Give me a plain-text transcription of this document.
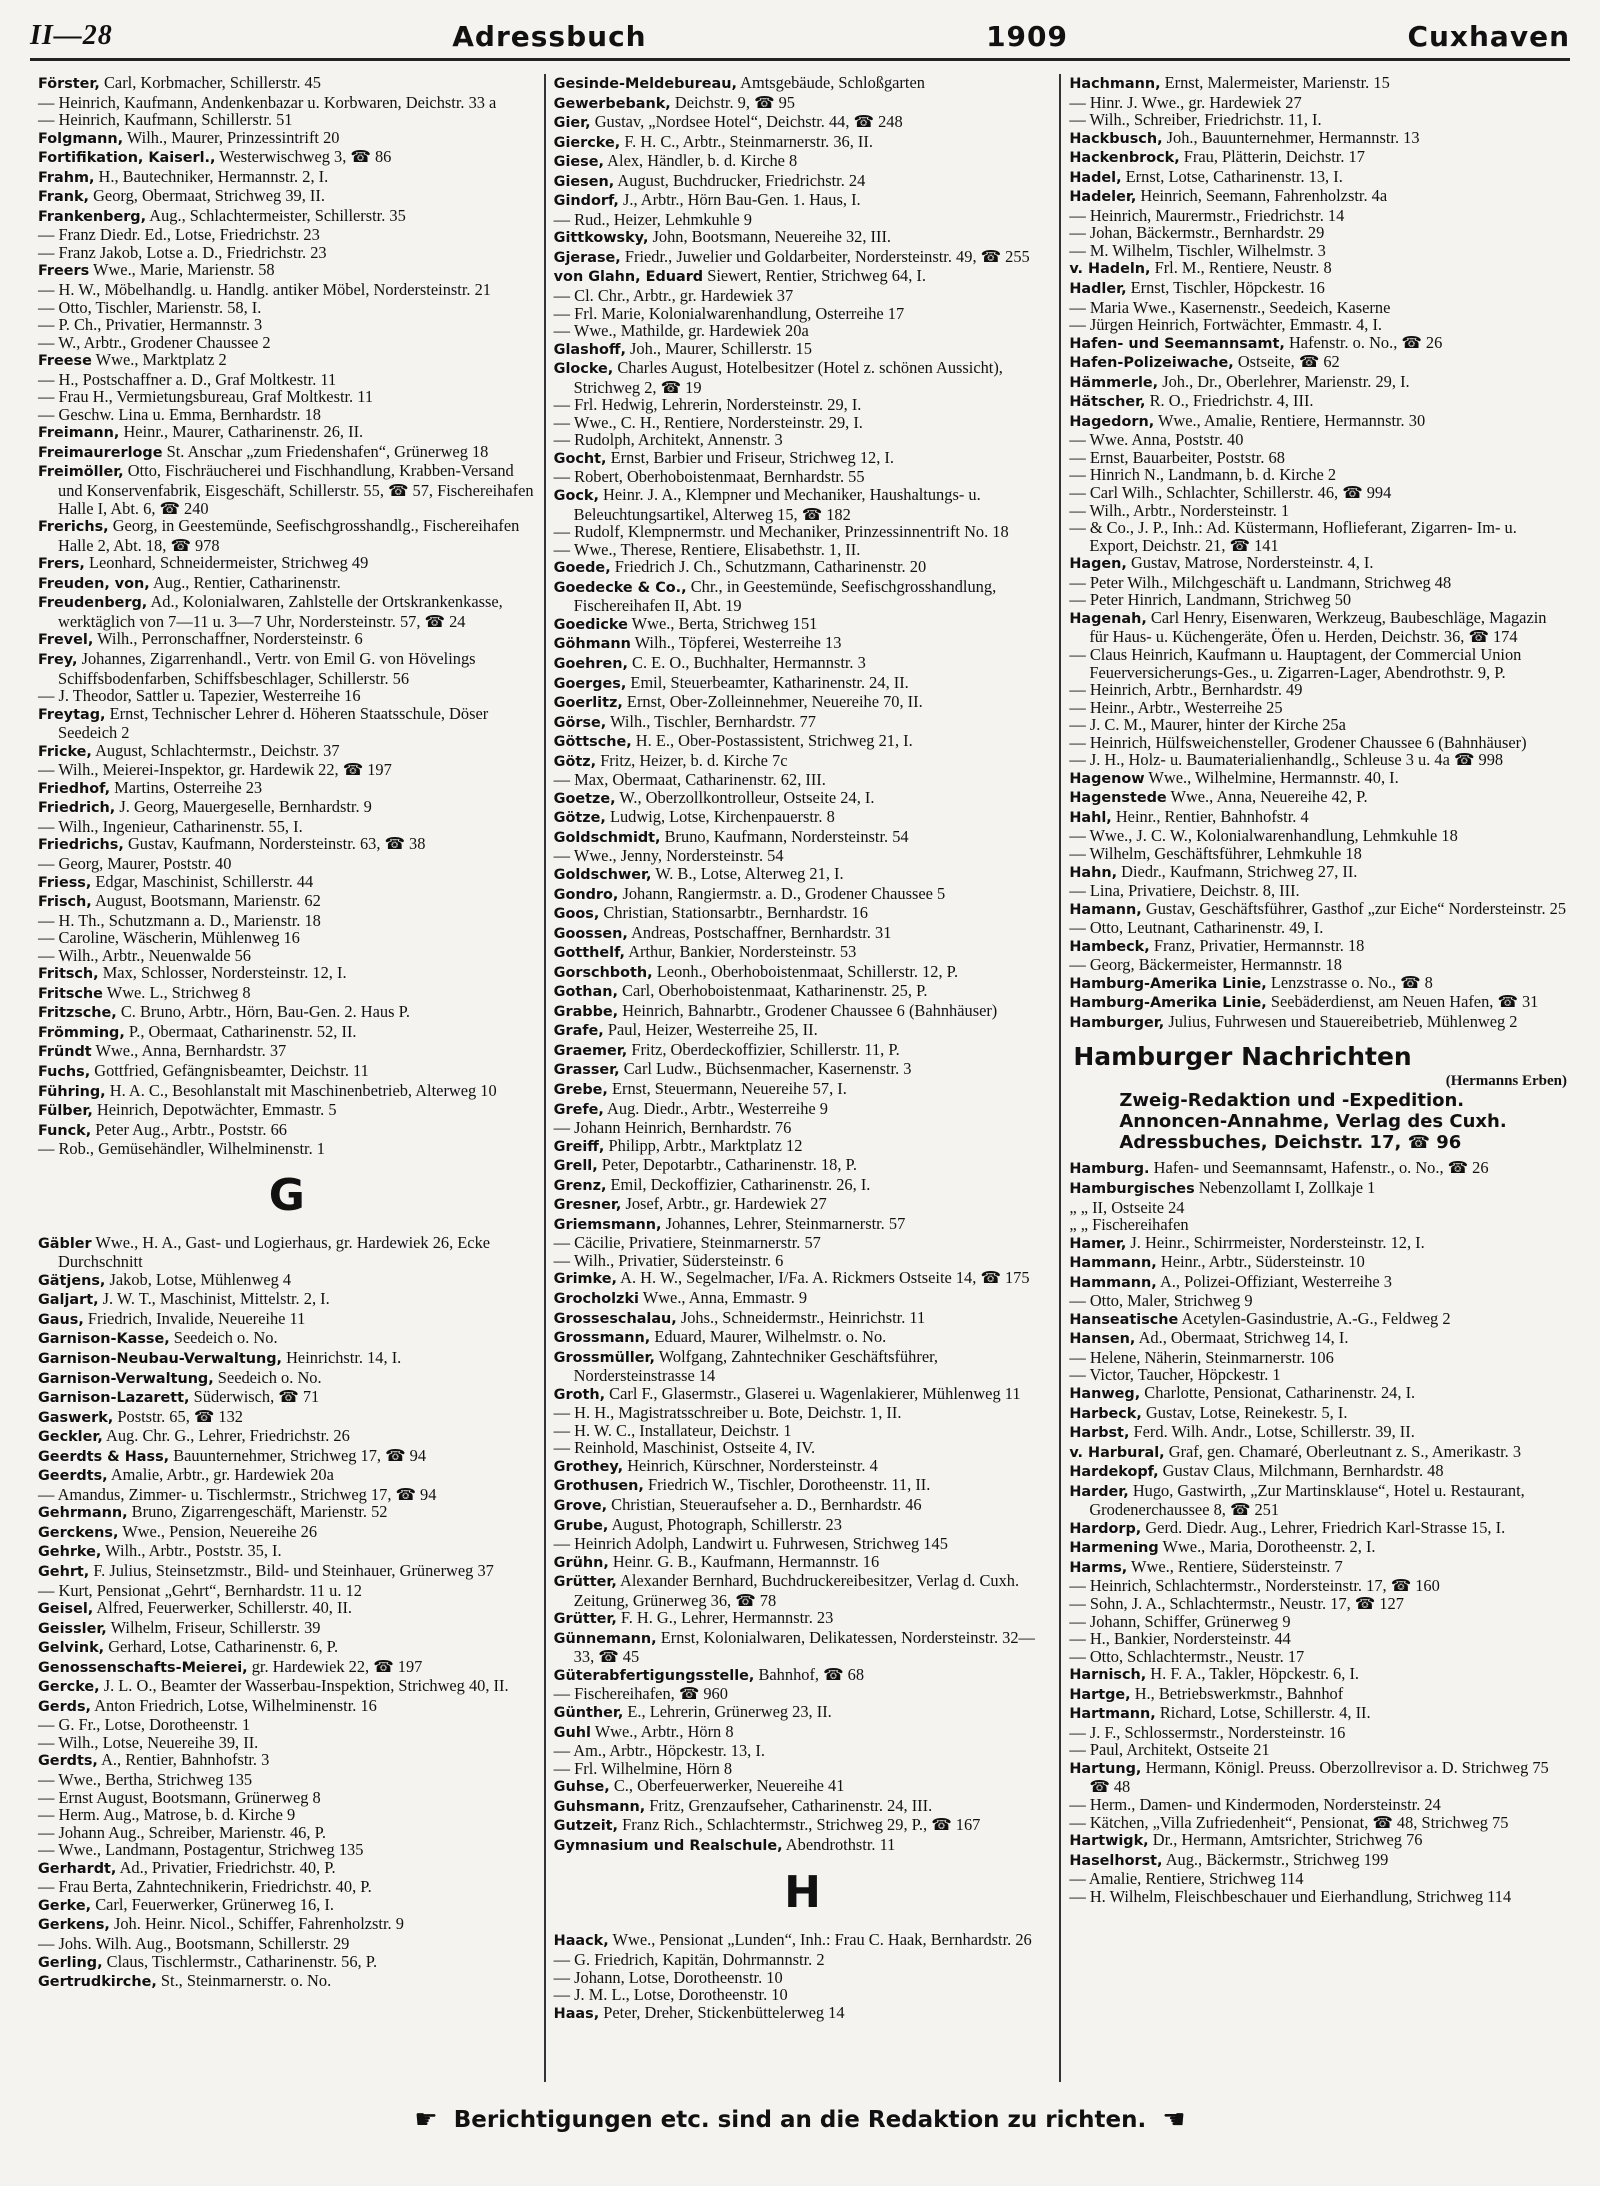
II—28	Adressbuch	1909	Cuxhaven
Förster, Carl, Korbmacher, Schillerstr. 45
— Heinrich, Kaufmann, Andenkenbazar u. Korbwaren, Deichstr. 33 a
— Heinrich, Kaufmann, Schillerstr. 51
Folgmann, Wilh., Maurer, Prinzessintrift 20
Fortifikation, Kaiserl., Westerwischweg 3, ☎ 86
Frahm, H., Bautechniker, Hermannstr. 2, I.
Frank, Georg, Obermaat, Strichweg 39, II.
Frankenberg, Aug., Schlachtermeister, Schillerstr. 35
— Franz Diedr. Ed., Lotse, Friedrichstr. 23
— Franz Jakob, Lotse a. D., Friedrichstr. 23
Freers Wwe., Marie, Marienstr. 58
— H. W., Möbelhandlg. u. Handlg. antiker Möbel, Nordersteinstr. 21
— Otto, Tischler, Marienstr. 58, I.
— P. Ch., Privatier, Hermannstr. 3
— W., Arbtr., Grodener Chaussee 2
Freese Wwe., Marktplatz 2
— H., Postschaffner a. D., Graf Moltkestr. 11
— Frau H., Vermietungsbureau, Graf Moltkestr. 11
— Geschw. Lina u. Emma, Bernhardstr. 18
Freimann, Heinr., Maurer, Catharinenstr. 26, II.
Freimaurerloge St. Anschar „zum Friedenshafen“, Grünerweg 18
Freimöller, Otto, Fischräucherei und Fischhandlung, Krabben-Versand und Konservenfabrik, Eisgeschäft, Schillerstr. 55, ☎ 57, Fischereihafen Halle I, Abt. 6, ☎ 240
Frerichs, Georg, in Geestemünde, Seefischgrosshandlg., Fischereihafen Halle 2, Abt. 18, ☎ 978
Frers, Leonhard, Schneidermeister, Strichweg 49
Freuden, von, Aug., Rentier, Catharinenstr.
Freudenberg, Ad., Kolonialwaren, Zahlstelle der Ortskrankenkasse, werktäglich von 7—11 u. 3—7 Uhr, Nordersteinstr. 57, ☎ 24
Frevel, Wilh., Perronschaffner, Nordersteinstr. 6
Frey, Johannes, Zigarrenhandl., Vertr. von Emil G. von Hövelings Schiffsbodenfarben, Schiffsbeschlager, Schillerstr. 56
— J. Theodor, Sattler u. Tapezier, Westerreihe 16
Freytag, Ernst, Technischer Lehrer d. Höheren Staatsschule, Döser Seedeich 2
Fricke, August, Schlachtermstr., Deichstr. 37
— Wilh., Meierei-Inspektor, gr. Hardewik 22, ☎ 197
Friedhof, Martins, Osterreihe 23
Friedrich, J. Georg, Mauergeselle, Bernhardstr. 9
— Wilh., Ingenieur, Catharinenstr. 55, I.
Friedrichs, Gustav, Kaufmann, Nordersteinstr. 63, ☎ 38
— Georg, Maurer, Poststr. 40
Friess, Edgar, Maschinist, Schillerstr. 44
Frisch, August, Bootsmann, Marienstr. 62
— H. Th., Schutzmann a. D., Marienstr. 18
— Caroline, Wäscherin, Mühlenweg 16
— Wilh., Arbtr., Neuenwalde 56
Fritsch, Max, Schlosser, Nordersteinstr. 12, I.
Fritsche Wwe. L., Strichweg 8
Fritzsche, C. Bruno, Arbtr., Hörn, Bau-Gen. 2. Haus P.
Frömming, P., Obermaat, Catharinenstr. 52, II.
Fründt Wwe., Anna, Bernhardstr. 37
Fuchs, Gottfried, Gefängnisbeamter, Deichstr. 11
Führing, H. A. C., Besohlanstalt mit Maschinenbetrieb, Alterweg 10
Fülber, Heinrich, Depotwächter, Emmastr. 5
Funck, Peter Aug., Arbtr., Poststr. 66
— Rob., Gemüsehändler, Wilhelminenstr. 1
G
Gäbler Wwe., H. A., Gast- und Logierhaus, gr. Hardewiek 26, Ecke Durchschnitt
Gätjens, Jakob, Lotse, Mühlenweg 4
Galjart, J. W. T., Maschinist, Mittelstr. 2, I.
Gaus, Friedrich, Invalide, Neuereihe 11
Garnison-Kasse, Seedeich o. No.
Garnison-Neubau-Verwaltung, Heinrichstr. 14, I.
Garnison-Verwaltung, Seedeich o. No.
Garnison-Lazarett, Süderwisch, ☎ 71
Gaswerk, Poststr. 65, ☎ 132
Geckler, Aug. Chr. G., Lehrer, Friedrichstr. 26
Geerdts & Hass, Bauunternehmer, Strichweg 17, ☎ 94
Geerdts, Amalie, Arbtr., gr. Hardewiek 20a
— Amandus, Zimmer- u. Tischlermstr., Strichweg 17, ☎ 94
Gehrmann, Bruno, Zigarrengeschäft, Marienstr. 52
Gerckens, Wwe., Pension, Neuereihe 26
Gehrke, Wilh., Arbtr., Poststr. 35, I.
Gehrt, F. Julius, Steinsetzmstr., Bild- und Steinhauer, Grünerweg 37
— Kurt, Pensionat „Gehrt“, Bernhardstr. 11 u. 12
Geisel, Alfred, Feuerwerker, Schillerstr. 40, II.
Geissler, Wilhelm, Friseur, Schillerstr. 39
Gelvink, Gerhard, Lotse, Catharinenstr. 6, P.
Genossenschafts-Meierei, gr. Hardewiek 22, ☎ 197
Gercke, J. L. O., Beamter der Wasserbau-Inspektion, Strichweg 40, II.
Gerds, Anton Friedrich, Lotse, Wilhelminenstr. 16
— G. Fr., Lotse, Dorotheenstr. 1
— Wilh., Lotse, Neuereihe 39, II.
Gerdts, A., Rentier, Bahnhofstr. 3
— Wwe., Bertha, Strichweg 135
— Ernst August, Bootsmann, Grünerweg 8
— Herm. Aug., Matrose, b. d. Kirche 9
— Johann Aug., Schreiber, Marienstr. 46, P.
— Wwe., Landmann, Postagentur, Strichweg 135
Gerhardt, Ad., Privatier, Friedrichstr. 40, P.
— Frau Berta, Zahntechnikerin, Friedrichstr. 40, P.
Gerke, Carl, Feuerwerker, Grünerweg 16, I.
Gerkens, Joh. Heinr. Nicol., Schiffer, Fahrenholzstr. 9
— Johs. Wilh. Aug., Bootsmann, Schillerstr. 29
Gerling, Claus, Tischlermstr., Catharinenstr. 56, P.
Gertrudkirche, St., Steinmarnerstr. o. No.
Gesinde-Meldebureau, Amtsgebäude, Schloßgarten
Gewerbebank, Deichstr. 9, ☎ 95
Gier, Gustav, „Nordsee Hotel“, Deichstr. 44, ☎ 248
Giercke, F. H. C., Arbtr., Steinmarnerstr. 36, II.
Giese, Alex, Händler, b. d. Kirche 8
Giesen, August, Buchdrucker, Friedrichstr. 24
Gindorf, J., Arbtr., Hörn Bau-Gen. 1. Haus, I.
— Rud., Heizer, Lehmkuhle 9
Gittkowsky, John, Bootsmann, Neuereihe 32, III.
Gjerase, Friedr., Juwelier und Goldarbeiter, Nordersteinstr. 49, ☎ 255
von Glahn, Eduard Siewert, Rentier, Strichweg 64, I.
— Cl. Chr., Arbtr., gr. Hardewiek 37
— Frl. Marie, Kolonialwarenhandlung, Osterreihe 17
— Wwe., Mathilde, gr. Hardewiek 20a
Glashoff, Joh., Maurer, Schillerstr. 15
Glocke, Charles August, Hotelbesitzer (Hotel z. schönen Aussicht), Strichweg 2, ☎ 19
— Frl. Hedwig, Lehrerin, Nordersteinstr. 29, I.
— Wwe., C. H., Rentiere, Nordersteinstr. 29, I.
— Rudolph, Architekt, Annenstr. 3
Gocht, Ernst, Barbier und Friseur, Strichweg 12, I.
— Robert, Oberhoboistenmaat, Bernhardstr. 55
Gock, Heinr. J. A., Klempner und Mechaniker, Haushaltungs- u. Beleuchtungsartikel, Alterweg 15, ☎ 182
— Rudolf, Klempnermstr. und Mechaniker, Prinzessinnentrift No. 18
— Wwe., Therese, Rentiere, Elisabethstr. 1, II.
Goede, Friedrich J. Ch., Schutzmann, Catharinenstr. 20
Goedecke & Co., Chr., in Geestemünde, Seefischgrosshandlung, Fischereihafen II, Abt. 19
Goedicke Wwe., Berta, Strichweg 151
Göhmann Wilh., Töpferei, Westerreihe 13
Goehren, C. E. O., Buchhalter, Hermannstr. 3
Goerges, Emil, Steuerbeamter, Katharinenstr. 24, II.
Goerlitz, Ernst, Ober-Zolleinnehmer, Neuereihe 70, II.
Görse, Wilh., Tischler, Bernhardstr. 77
Göttsche, H. E., Ober-Postassistent, Strichweg 21, I.
Götz, Fritz, Heizer, b. d. Kirche 7c
— Max, Obermaat, Catharinenstr. 62, III.
Goetze, W., Oberzollkontrolleur, Ostseite 24, I.
Götze, Ludwig, Lotse, Kirchenpauerstr. 8
Goldschmidt, Bruno, Kaufmann, Nordersteinstr. 54
— Wwe., Jenny, Nordersteinstr. 54
Goldschwer, W. B., Lotse, Alterweg 21, I.
Gondro, Johann, Rangiermstr. a. D., Grodener Chaussee 5
Goos, Christian, Stationsarbtr., Bernhardstr. 16
Goossen, Andreas, Postschaffner, Bernhardstr. 31
Gotthelf, Arthur, Bankier, Nordersteinstr. 53
Gorschboth, Leonh., Oberhoboistenmaat, Schillerstr. 12, P.
Gothan, Carl, Oberhoboistenmaat, Katharinenstr. 25, P.
Grabbe, Heinrich, Bahnarbtr., Grodener Chaussee 6 (Bahnhäuser)
Grafe, Paul, Heizer, Westerreihe 25, II.
Graemer, Fritz, Oberdeckoffizier, Schillerstr. 11, P.
Grasser, Carl Ludw., Büchsenmacher, Kasernenstr. 3
Grebe, Ernst, Steuermann, Neuereihe 57, I.
Grefe, Aug. Diedr., Arbtr., Westerreihe 9
— Johann Heinrich, Bernhardstr. 76
Greiff, Philipp, Arbtr., Marktplatz 12
Grell, Peter, Depotarbtr., Catharinenstr. 18, P.
Grenz, Emil, Deckoffizier, Catharinenstr. 26, I.
Gresner, Josef, Arbtr., gr. Hardewiek 27
Griemsmann, Johannes, Lehrer, Steinmarnerstr. 57
— Cäcilie, Privatiere, Steinmarnerstr. 57
— Wilh., Privatier, Südersteinstr. 6
Grimke, A. H. W., Segelmacher, I/Fa. A. Rickmers Ostseite 14, ☎ 175
Grocholzki Wwe., Anna, Emmastr. 9
Grosseschalau, Johs., Schneidermstr., Heinrichstr. 11
Grossmann, Eduard, Maurer, Wilhelmstr. o. No.
Grossmüller, Wolfgang, Zahntechniker Geschäftsführer, Nordersteinstrasse 14
Groth, Carl F., Glasermstr., Glaserei u. Wagenlakierer, Mühlenweg 11
— H. H., Magistratsschreiber u. Bote, Deichstr. 1, II.
— H. W. C., Installateur, Deichstr. 1
— Reinhold, Maschinist, Ostseite 4, IV.
Grothey, Heinrich, Kürschner, Nordersteinstr. 4
Grothusen, Friedrich W., Tischler, Dorotheenstr. 11, II.
Grove, Christian, Steueraufseher a. D., Bernhardstr. 46
Grube, August, Photograph, Schillerstr. 23
— Heinrich Adolph, Landwirt u. Fuhrwesen, Strichweg 145
Grühn, Heinr. G. B., Kaufmann, Hermannstr. 16
Grütter, Alexander Bernhard, Buchdruckereibesitzer, Verlag d. Cuxh. Zeitung, Grünerweg 36, ☎ 78
Grütter, F. H. G., Lehrer, Hermannstr. 23
Günnemann, Ernst, Kolonialwaren, Delikatessen, Nordersteinstr. 32—33, ☎ 45
Güterabfertigungsstelle, Bahnhof, ☎ 68
— Fischereihafen, ☎ 960
Günther, E., Lehrerin, Grünerweg 23, II.
Guhl Wwe., Arbtr., Hörn 8
— Am., Arbtr., Höpckestr. 13, I.
— Frl. Wilhelmine, Hörn 8
Guhse, C., Oberfeuerwerker, Neuereihe 41
Guhsmann, Fritz, Grenzaufseher, Catharinenstr. 24, III.
Gutzeit, Franz Rich., Schlachtermstr., Strichweg 29, P., ☎ 167
Gymnasium und Realschule, Abendrothstr. 11
H
Haack, Wwe., Pensionat „Lunden“, Inh.: Frau C. Haak, Bernhardstr. 26
— G. Friedrich, Kapitän, Dohrmannstr. 2
— Johann, Lotse, Dorotheenstr. 10
— J. M. L., Lotse, Dorotheenstr. 10
Haas, Peter, Dreher, Stickenbüttelerweg 14
Hachmann, Ernst, Malermeister, Marienstr. 15
— Hinr. J. Wwe., gr. Hardewiek 27
— Wilh., Schreiber, Friedrichstr. 11, I.
Hackbusch, Joh., Bauunternehmer, Hermannstr. 13
Hackenbrock, Frau, Plätterin, Deichstr. 17
Hadel, Ernst, Lotse, Catharinenstr. 13, I.
Hadeler, Heinrich, Seemann, Fahrenholzstr. 4a
— Heinrich, Maurermstr., Friedrichstr. 14
— Johan, Bäckermstr., Bernhardstr. 29
— M. Wilhelm, Tischler, Wilhelmstr. 3
v. Hadeln, Frl. M., Rentiere, Neustr. 8
Hadler, Ernst, Tischler, Höpckestr. 16
— Maria Wwe., Kasernenstr., Seedeich, Kaserne
— Jürgen Heinrich, Fortwächter, Emmastr. 4, I.
Hafen- und Seemannsamt, Hafenstr. o. No., ☎ 26
Hafen-Polizeiwache, Ostseite, ☎ 62
Hämmerle, Joh., Dr., Oberlehrer, Marienstr. 29, I.
Hätscher, R. O., Friedrichstr. 4, III.
Hagedorn, Wwe., Amalie, Rentiere, Hermannstr. 30
— Wwe. Anna, Poststr. 40
— Ernst, Bauarbeiter, Poststr. 68
— Hinrich N., Landmann, b. d. Kirche 2
— Carl Wilh., Schlachter, Schillerstr. 46, ☎ 994
— Wilh., Arbtr., Nordersteinstr. 1
— & Co., J. P., Inh.: Ad. Küstermann, Hoflieferant, Zigarren- Im- u. Export, Deichstr. 21, ☎ 141
Hagen, Gustav, Matrose, Nordersteinstr. 4, I.
— Peter Wilh., Milchgeschäft u. Landmann, Strichweg 48
— Peter Hinrich, Landmann, Strichweg 50
Hagenah, Carl Henry, Eisenwaren, Werkzeug, Baubeschläge, Magazin für Haus- u. Küchengeräte, Öfen u. Herden, Deichstr. 36, ☎ 174
— Claus Heinrich, Kaufmann u. Hauptagent, der Commercial Union Feuerversicherungs-Ges., u. Zigarren-Lager, Abendrothstr. 9, P.
— Heinrich, Arbtr., Bernhardstr. 49
— Heinr., Arbtr., Westerreihe 25
— J. C. M., Maurer, hinter der Kirche 25a
— Heinrich, Hülfsweichensteller, Grodener Chaussee 6 (Bahnhäuser)
— J. H., Holz- u. Baumaterialienhandlg., Schleuse 3 u. 4a ☎ 998
Hagenow Wwe., Wilhelmine, Hermannstr. 40, I.
Hagenstede Wwe., Anna, Neuereihe 42, P.
Hahl, Heinr., Rentier, Bahnhofstr. 4
— Wwe., J. C. W., Kolonialwarenhandlung, Lehmkuhle 18
— Wilhelm, Geschäftsführer, Lehmkuhle 18
Hahn, Diedr., Kaufmann, Strichweg 27, II.
— Lina, Privatiere, Deichstr. 8, III.
Hamann, Gustav, Geschäftsführer, Gasthof „zur Eiche“ Nordersteinstr. 25
— Otto, Leutnant, Catharinenstr. 49, I.
Hambeck, Franz, Privatier, Hermannstr. 18
— Georg, Bäckermeister, Hermannstr. 18
Hamburg-Amerika Linie, Lenzstrasse o. No., ☎ 8
Hamburg-Amerika Linie, Seebäderdienst, am Neuen Hafen, ☎ 31
Hamburger, Julius, Fuhrwesen und Stauereibetrieb, Mühlenweg 2
Hamburger Nachrichten
(Hermanns Erben)
Zweig-Redaktion und -Expedition. Annoncen-Annahme, Verlag des Cuxh. Adressbuches, Deichstr. 17, ☎ 96
Hamburg. Hafen- und Seemannsamt, Hafenstr., o. No., ☎ 26
Hamburgisches Nebenzollamt I, Zollkaje 1
„ „ II, Ostseite 24
„ „ Fischereihafen
Hamer, J. Heinr., Schirrmeister, Nordersteinstr. 12, I.
Hammann, Heinr., Arbtr., Südersteinstr. 10
Hammann, A., Polizei-Offiziant, Westerreihe 3
— Otto, Maler, Strichweg 9
Hanseatische Acetylen-Gasindustrie, A.-G., Feldweg 2
Hansen, Ad., Obermaat, Strichweg 14, I.
— Helene, Näherin, Steinmarnerstr. 106
— Victor, Taucher, Höpckestr. 1
Hanweg, Charlotte, Pensionat, Catharinenstr. 24, I.
Harbeck, Gustav, Lotse, Reinekestr. 5, I.
Harbst, Ferd. Wilh. Andr., Lotse, Schillerstr. 39, II.
v. Harbural, Graf, gen. Chamaré, Oberleutnant z. S., Amerikastr. 3
Hardekopf, Gustav Claus, Milchmann, Bernhardstr. 48
Harder, Hugo, Gastwirth, „Zur Martinsklause“, Hotel u. Restaurant, Grodenerchaussee 8, ☎ 251
Hardorp, Gerd. Diedr. Aug., Lehrer, Friedrich Karl-Strasse 15, I.
Harmening Wwe., Maria, Dorotheenstr. 2, I.
Harms, Wwe., Rentiere, Südersteinstr. 7
— Heinrich, Schlachtermstr., Nordersteinstr. 17, ☎ 160
— Sohn, J. A., Schlachtermstr., Neustr. 17, ☎ 127
— Johann, Schiffer, Grünerweg 9
— H., Bankier, Nordersteinstr. 44
— Otto, Schlachtermstr., Neustr. 17
Harnisch, H. F. A., Takler, Höpckestr. 6, I.
Hartge, H., Betriebswerkmstr., Bahnhof
Hartmann, Richard, Lotse, Schillerstr. 4, II.
— J. F., Schlossermstr., Nordersteinstr. 16
— Paul, Architekt, Ostseite 21
Hartung, Hermann, Königl. Preuss. Oberzollrevisor a. D. Strichweg 75 ☎ 48
— Herm., Damen- und Kindermoden, Nordersteinstr. 24
— Kätchen, „Villa Zufriedenheit“, Pensionat, ☎ 48, Strichweg 75
Hartwigk, Dr., Hermann, Amtsrichter, Strichweg 76
Haselhorst, Aug., Bäckermstr., Strichweg 199
— Amalie, Rentiere, Strichweg 114
— H. Wilhelm, Fleischbeschauer und Eierhandlung, Strichweg 114
☛ Berichtigungen etc. sind an die Redaktion zu richten. ☚
